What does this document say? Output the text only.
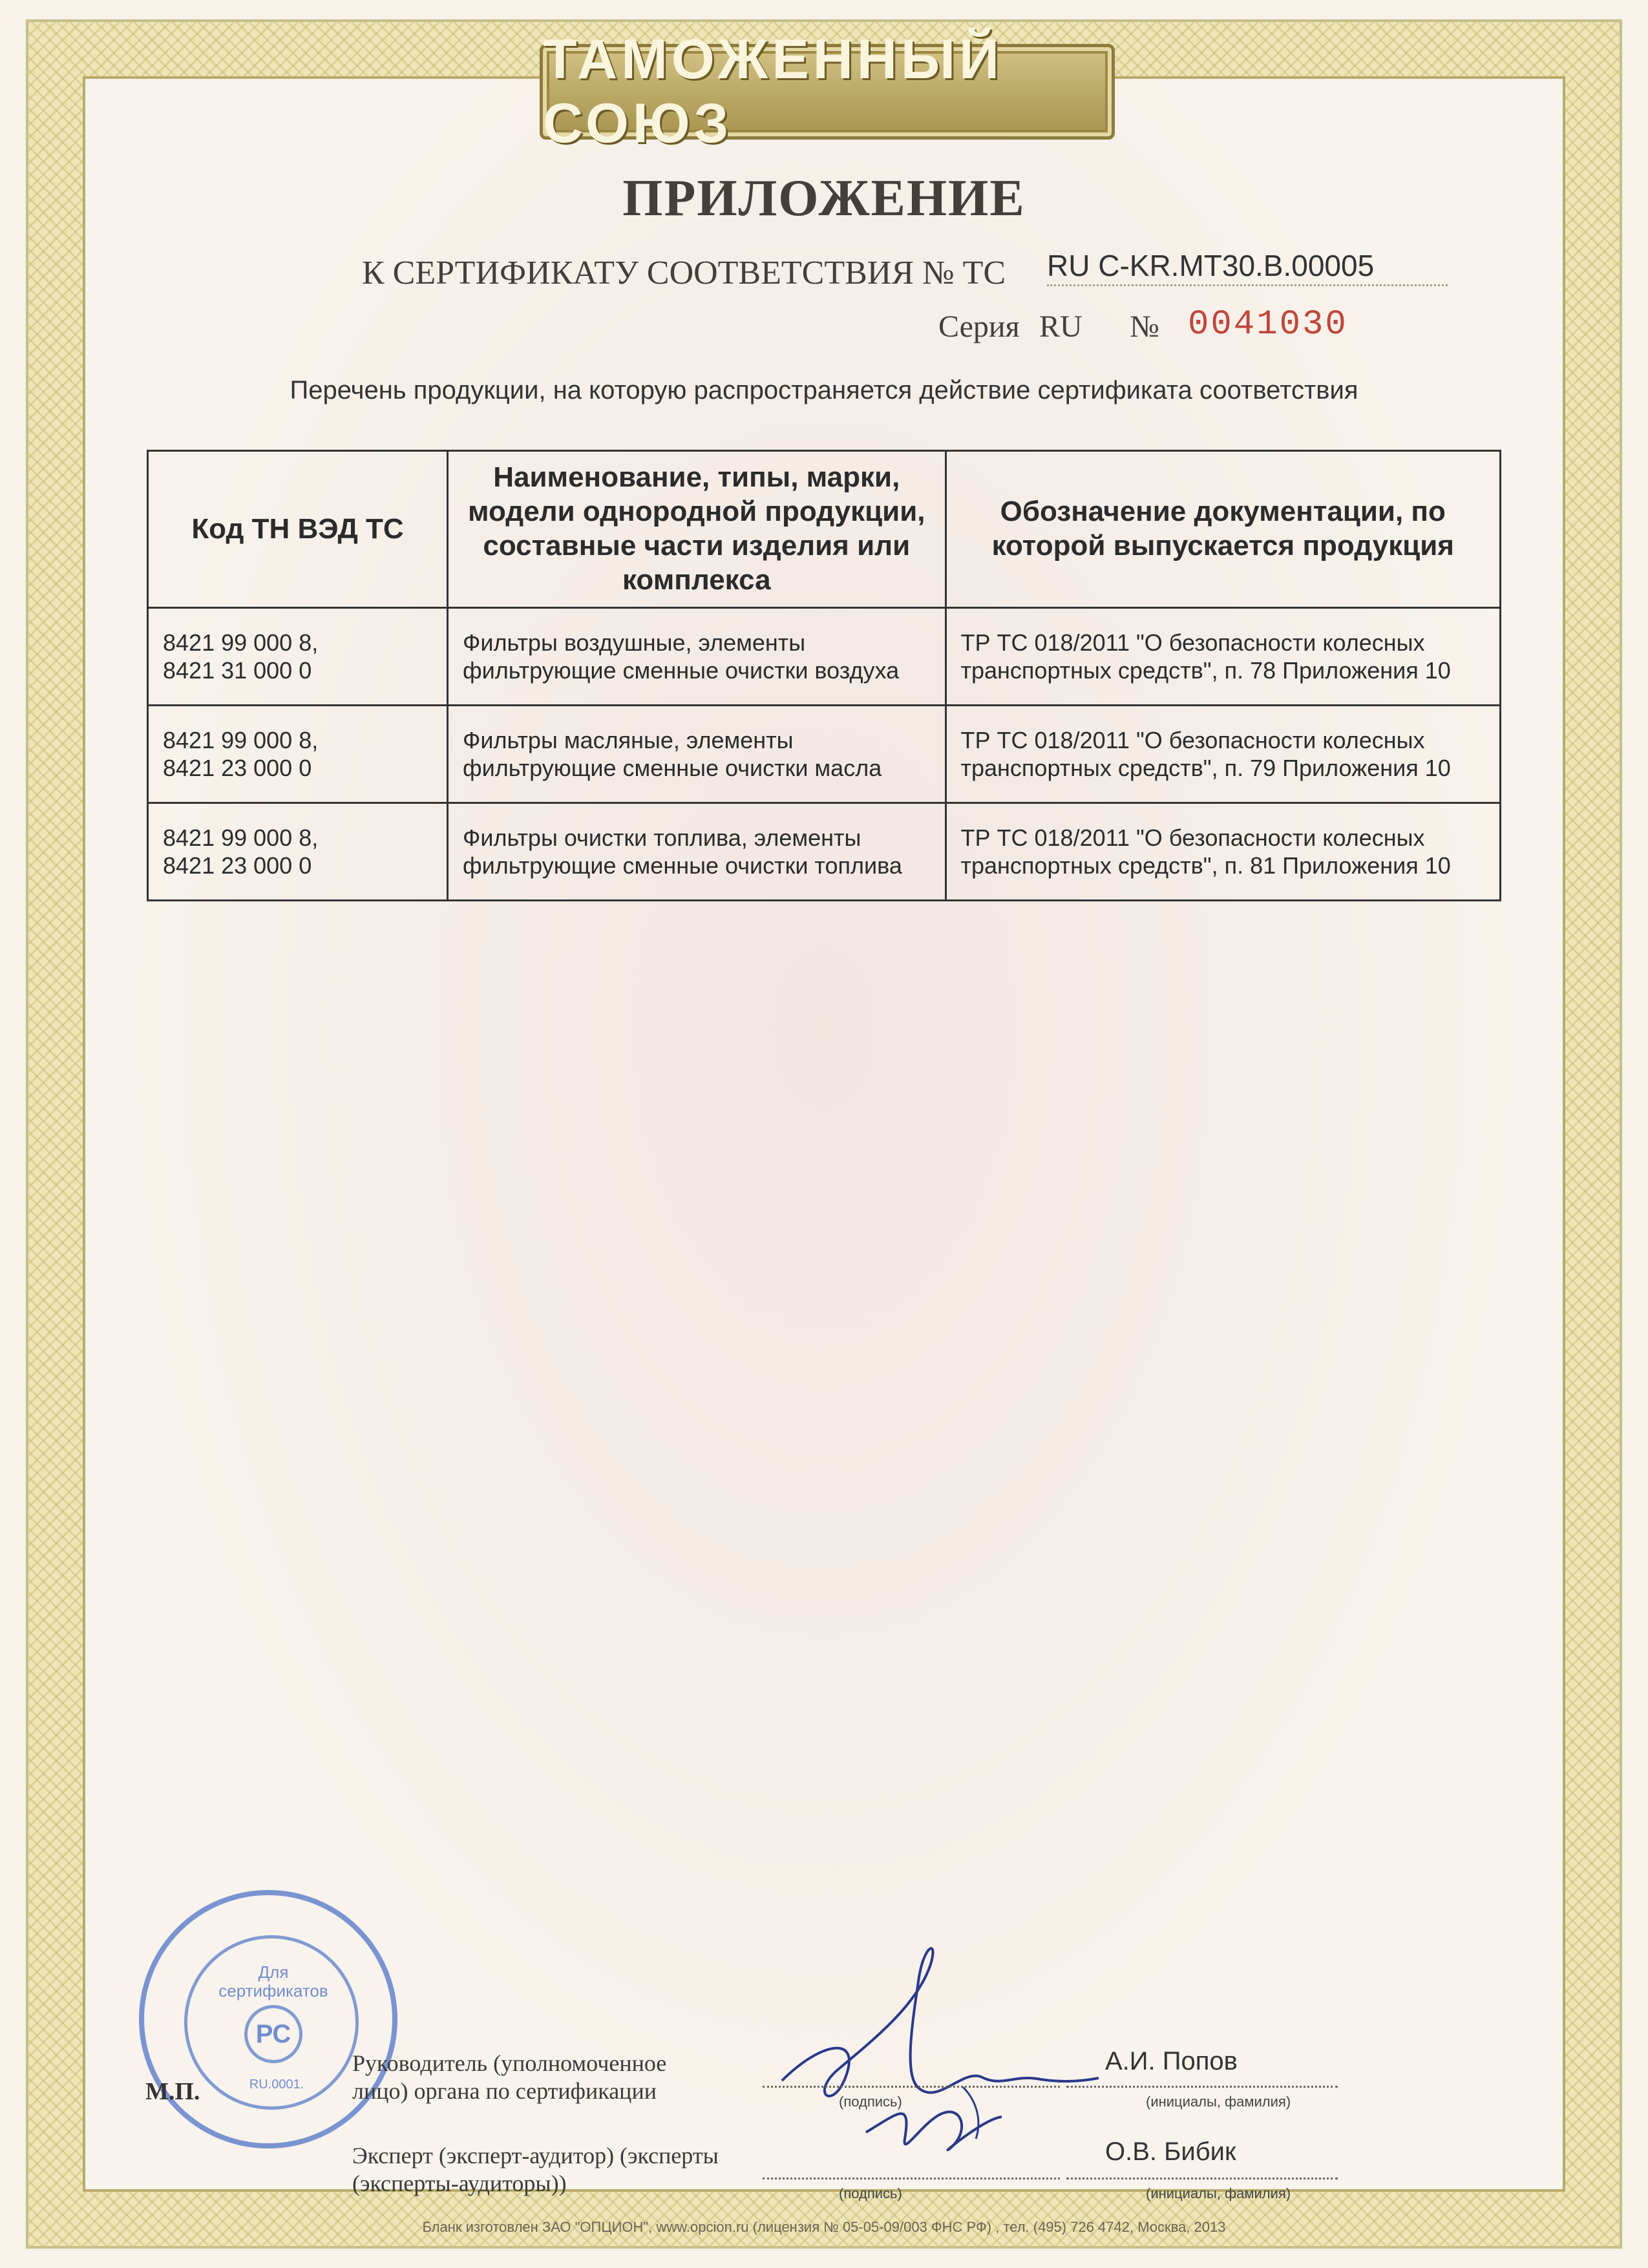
ТАМОЖЕННЫЙ СОЮЗ
ПРИЛОЖЕНИЕ
К СЕРТИФИКАТУ СООТВЕТСТВИЯ № ТС RU C-KR.MT30.B.00005
Серия RU № 0041030
Перечень продукции, на которую распространяется действие сертификата соответствия
Код ТН ВЭД ТС	Наименование, типы, марки, модели однородной продукции, составные части изделия или комплекса	Обозначение документации, по которой выпускается продукция
8421 99 000 8,
8421 31 000 0	Фильтры воздушные, элементы фильтрующие сменные очистки воздуха	ТР ТС 018/2011 "О безопасности колесных транспортных средств", п. 78 Приложения 10
8421 99 000 8,
8421 23 000 0	Фильтры масляные, элементы фильтрующие сменные очистки масла	ТР ТС 018/2011 "О безопасности колесных транспортных средств", п. 79 Приложения 10
8421 99 000 8,
8421 23 000 0	Фильтры очистки топлива, элементы фильтрующие сменные очистки топлива	ТР ТС 018/2011 "О безопасности колесных транспортных средств", п. 81 Приложения 10
Для сертификатов
РС
RU.0001.
М.П.
Руководитель (уполномоченное лицо) органа по сертификации
Эксперт (эксперт-аудитор) (эксперты (эксперты-аудиторы))
(подпись)
(подпись)
А.И. Попов
О.В. Бибик
(инициалы, фамилия)
(инициалы, фамилия)
Бланк изготовлен ЗАО "ОПЦИОН", www.opcion.ru (лицензия № 05-05-09/003 ФНС РФ) , тел. (495) 726 4742, Москва, 2013
